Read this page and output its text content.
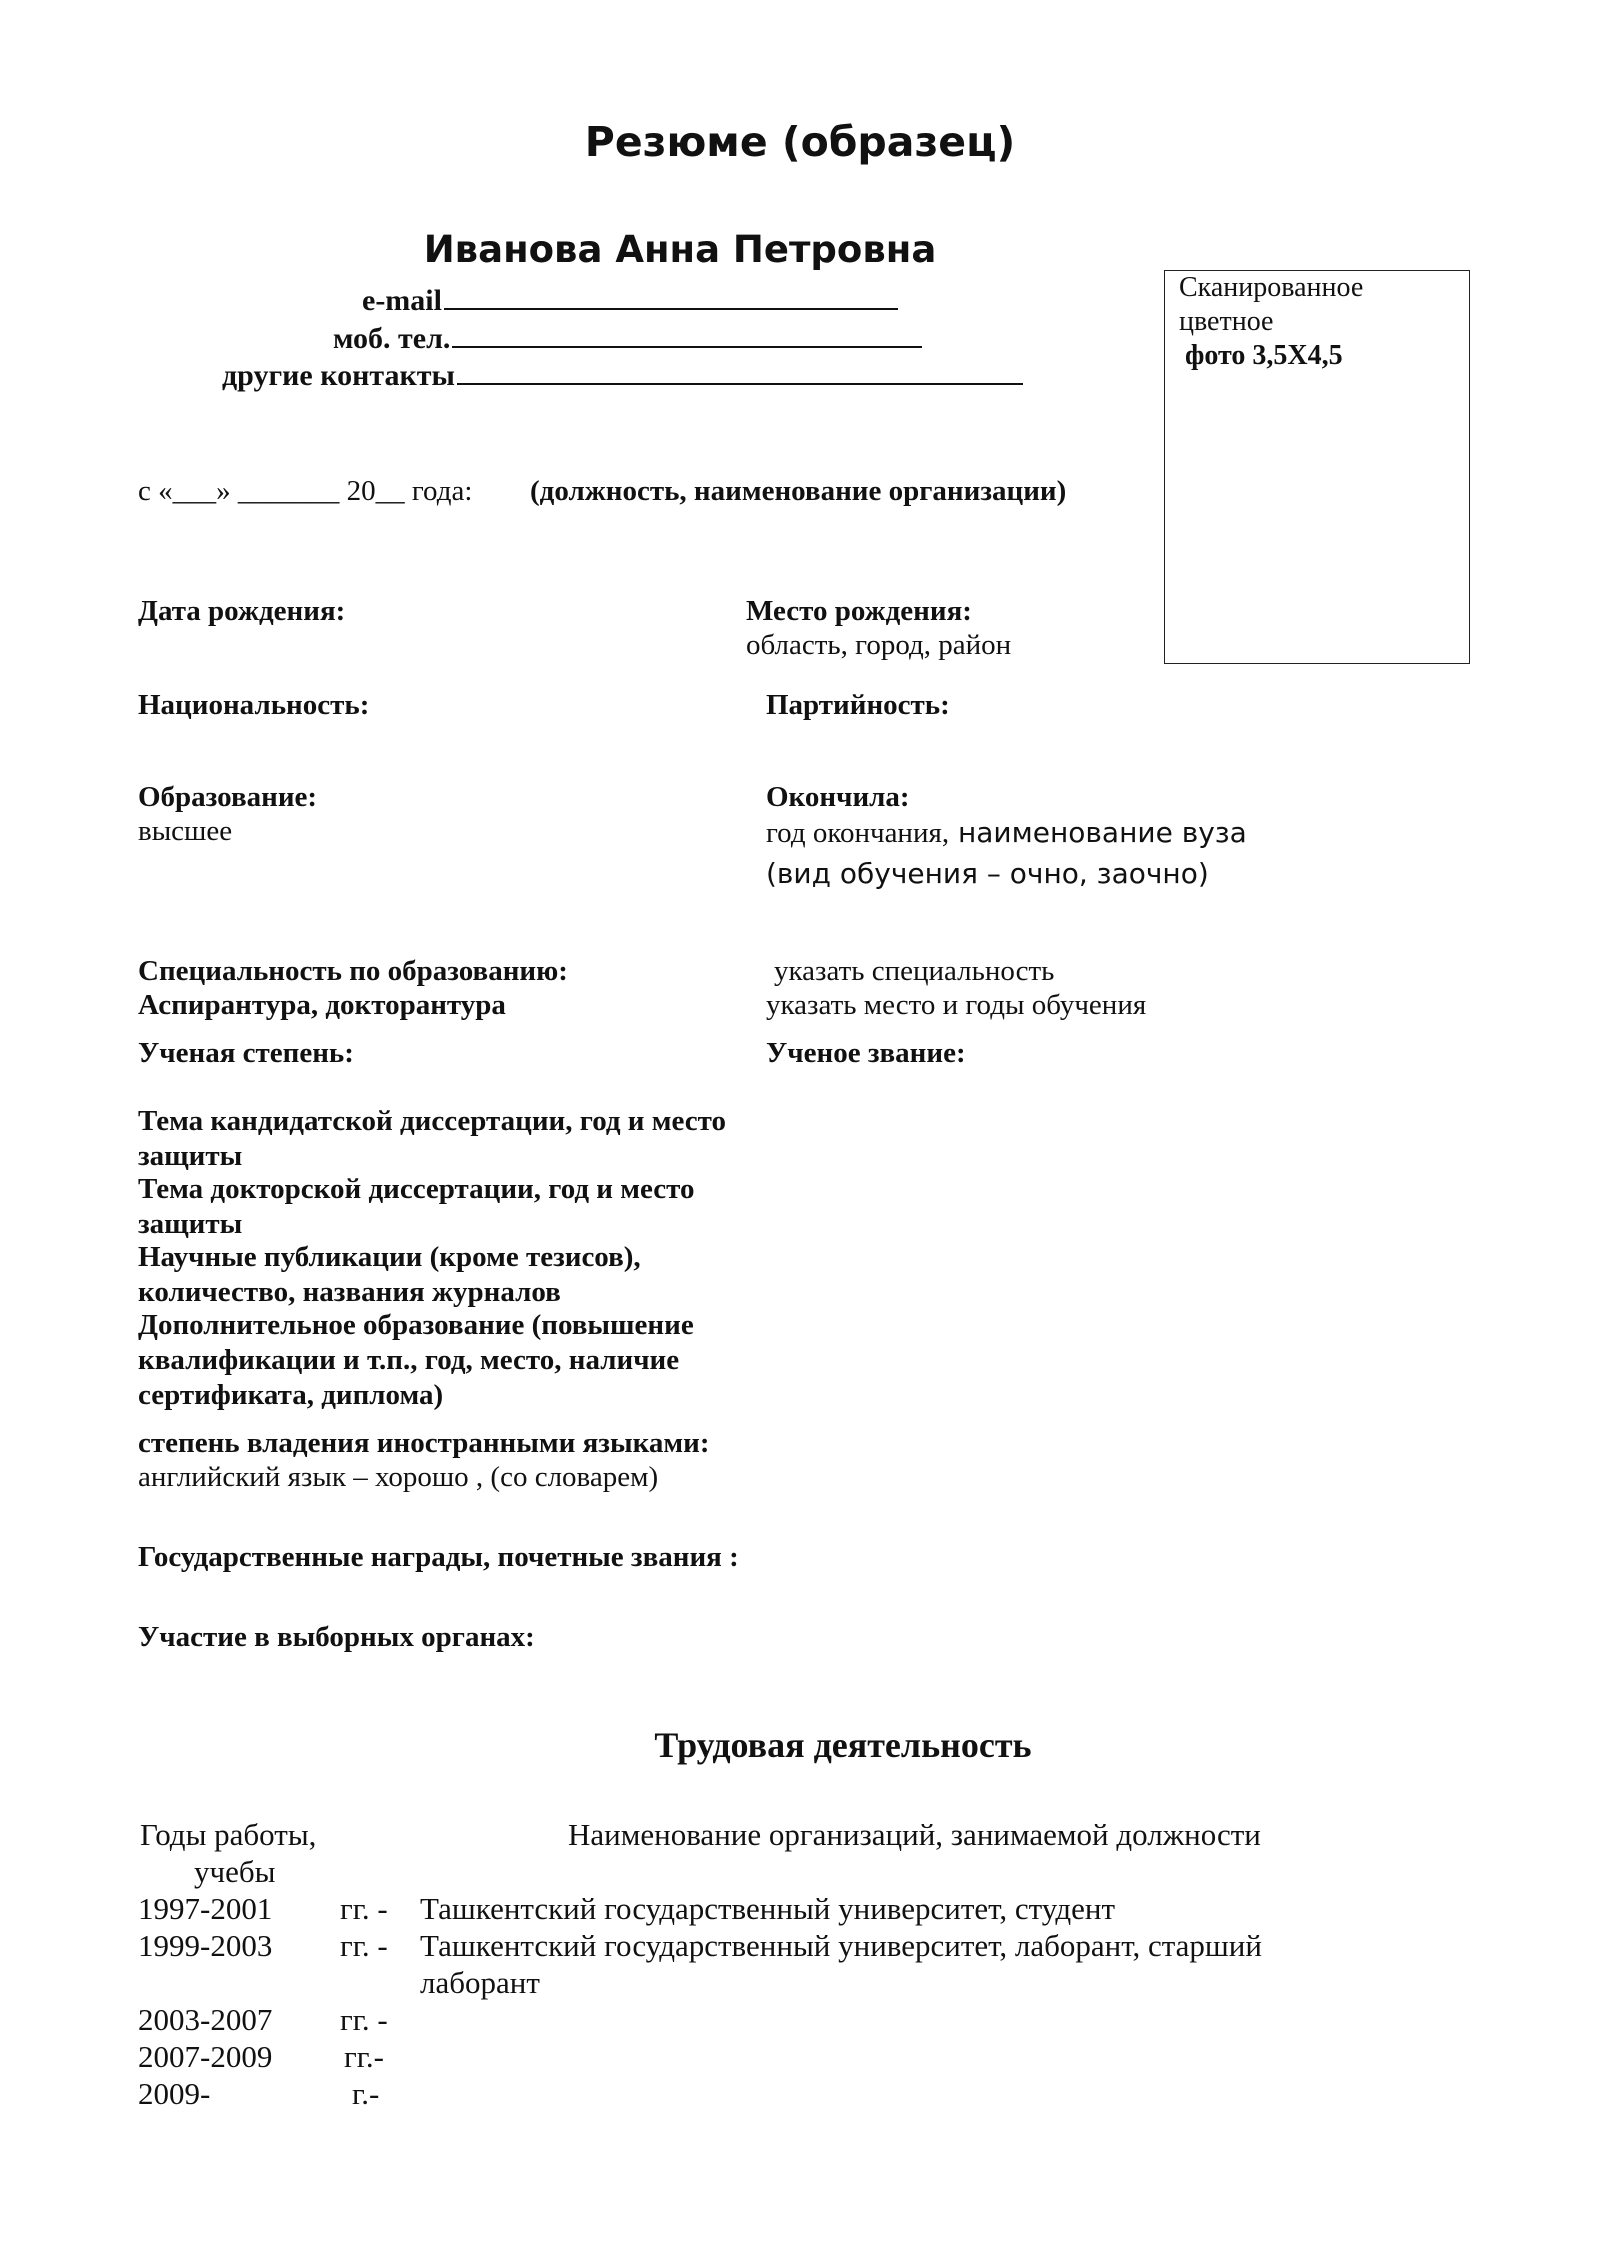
Резюме (образец)
Иванова Анна Петровна
e-mail
моб. тел.
другие контакты
Сканированное
цветное
фото 3,5Х4,5
с «___» _______ 20__ года: (должность, наименование организации)
Дата рождения:	Место рождения:
область, город, район
Национальность:	Партийность:
Образование:
высшее
Окончила:
год окончания, наименование вуза
(вид обучения – очно, заочно)
Специальность по образованию:	указать специальность
Аспирантура, докторантура	указать место и годы обучения
Ученая степень:	Ученое звание:
Тема кандидатской диссертации, год и место защиты
Тема докторской диссертации, год и место защиты
Научные публикации (кроме тезисов), количество, названия журналов
Дополнительное образование (повышение квалификации и т.п., год, место, наличие сертификата, диплома)
степень владения иностранными языками:
английский язык – хорошо , (со словарем)
Государственные награды, почетные звания :
Участие в выборных органах:
Трудовая деятельность
Годы работы,
учебы
Наименование организаций, занимаемой должности
1997-2001	гг. -	Ташкентский государственный университет, студент
1999-2003	гг. -	Ташкентский государственный университет, лаборант, старший лаборант
2003-2007	гг. -	
2007-2009	гг.-	
2009-	г.-	
